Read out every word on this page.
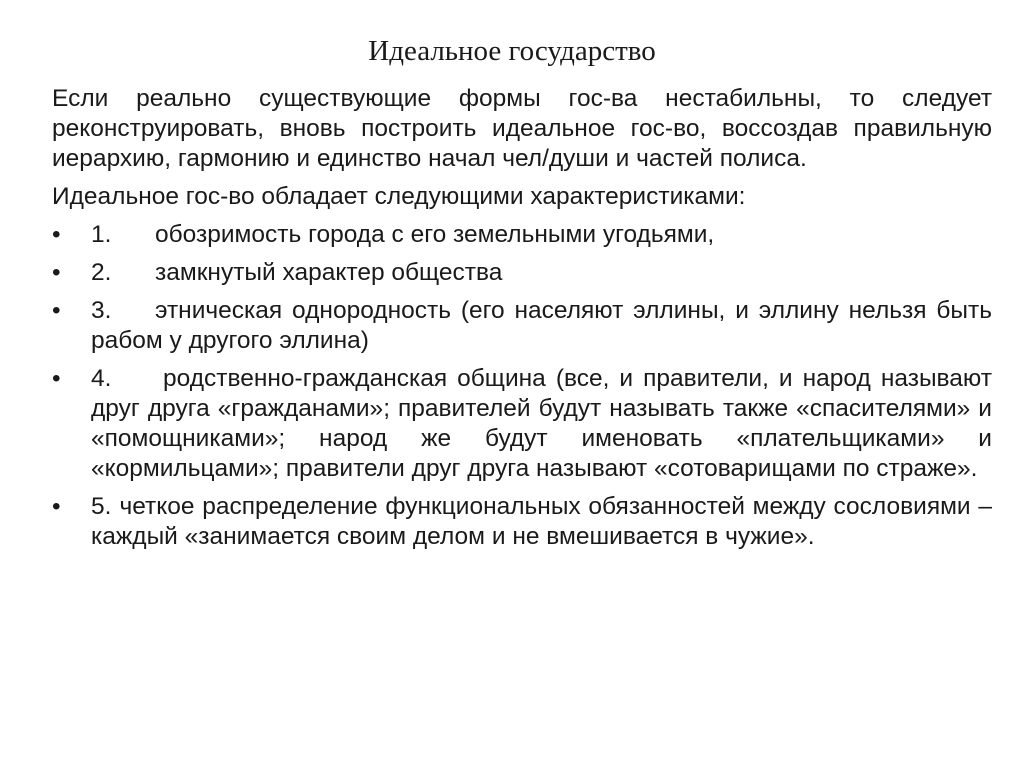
Идеальное государство

Если реально существующие формы гос-ва нестабильны, то следует реконструировать, вновь построить идеальное гос-во, воссоздав правильную иерархию, гармонию и единство начал чел/души и частей полиса.

Идеальное гос-во обладает следующими характеристиками:

• 1. обозримость города с его земельными угодьями,
• 2. замкнутый характер общества
• 3. этническая однородность (его населяют эллины, и эллину нельзя быть рабом у другого эллина)
• 4. родственно-гражданская община (все, и правители, и народ называют друг друга «гражданами»; правителей будут называть также «спасителями» и «помощниками»; народ же будут именовать «плательщиками» и «кормильцами»; правители друг друга называют «сотоварищами по страже».
• 5. четкое распределение функциональных обязанностей между сословиями – каждый «занимается своим делом и не вмешивается в чужие».
